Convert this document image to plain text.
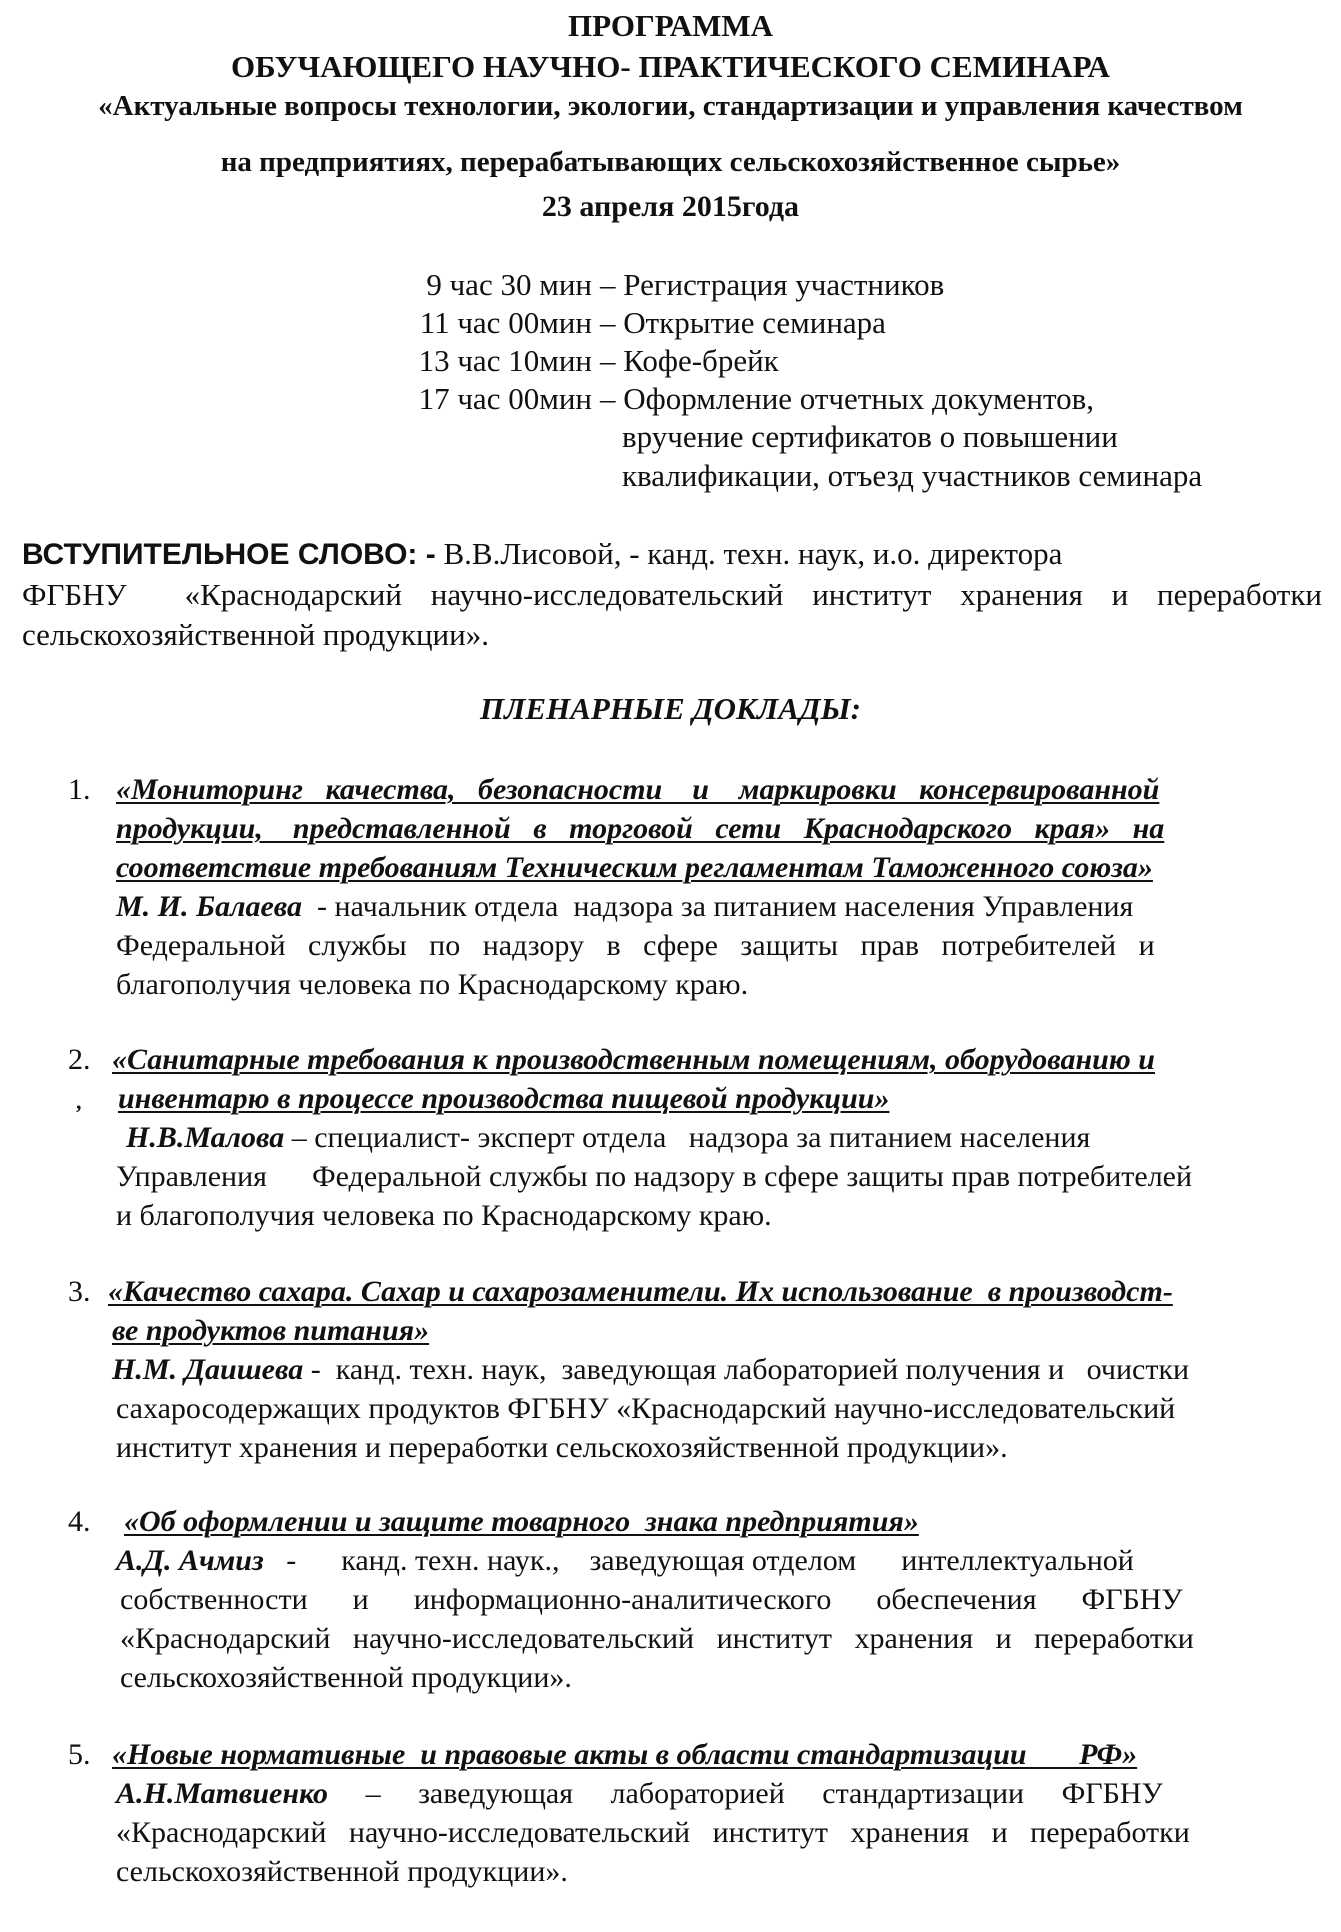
ПРОГРАММА
ОБУЧАЮЩЕГО НАУЧНО- ПРАКТИЧЕСКОГО СЕМИНАРА
«Актуальные вопросы технологии, экологии, стандартизации и управления качеством
на предприятиях, перерабатывающих сельскохозяйственное сырье»
23 апреля 2015года
9 час 30 мин – Регистрация участников
11 час 00мин – Открытие семинара
13 час 10мин – Кофе-брейк
17 час 00мин – Оформление отчетных документов,
вручение сертификатов о повышении
квалификации, отъезд участников семинара
ВСТУПИТЕЛЬНОЕ СЛОВО: - В.В.Лисовой, - канд. техн. наук, и.о. директора
ФГБНУ «Краснодарский научно-исследовательский институт хранения и переработки
сельскохозяйственной продукции».
ПЛЕНАРНЫЕ ДОКЛАДЫ:
1. «Мониторинг   качества,   безопасности    и    маркировки   консервированной
продукции,    представленной   в   торговой   сети   Краснодарского   края»   на
соответствие требованиям Техническим регламентам Таможенного союза»
М. И. Балаева  - начальник отдела  надзора за питанием населения Управления
Федеральной   службы   по   надзору   в   сфере   защиты   прав   потребителей   и
благополучия человека по Краснодарскому краю.
2.
,
«Санитарные требования к производственным помещениям, оборудованию и
инвентарю в процессе производства пищевой продукции»
Н.В.Малова – специалист- эксперт отдела   надзора за питанием населения
Управления      Федеральной службы по надзору в сфере защиты прав потребителей
и благополучия человека по Краснодарскому краю.
3. «Качество сахара. Сахар и сахарозаменители. Их использование  в производст-
ве продуктов питания»
Н.М. Даишева -  канд. техн. наук,  заведующая лабораторией получения и   очистки
сахаросодержащих продуктов ФГБНУ «Краснодарский научно-исследовательский
институт хранения и переработки сельскохозяйственной продукции».
4. «Об оформлении и защите товарного  знака предприятия»
А.Д. Ачмиз   -      канд. техн. наук.,    заведующая отделом      интеллектуальной
собственности      и      информационно-аналитического      обеспечения      ФГБНУ
«Краснодарский   научно-исследовательский   институт   хранения   и   переработки
сельскохозяйственной продукции».
5. «Новые нормативные  и правовые акты в области стандартизации       РФ»
А.Н.Матвиенко     –     заведующая     лабораторией     стандартизации     ФГБНУ
«Краснодарский   научно-исследовательский   институт   хранения   и   переработки
сельскохозяйственной продукции».
